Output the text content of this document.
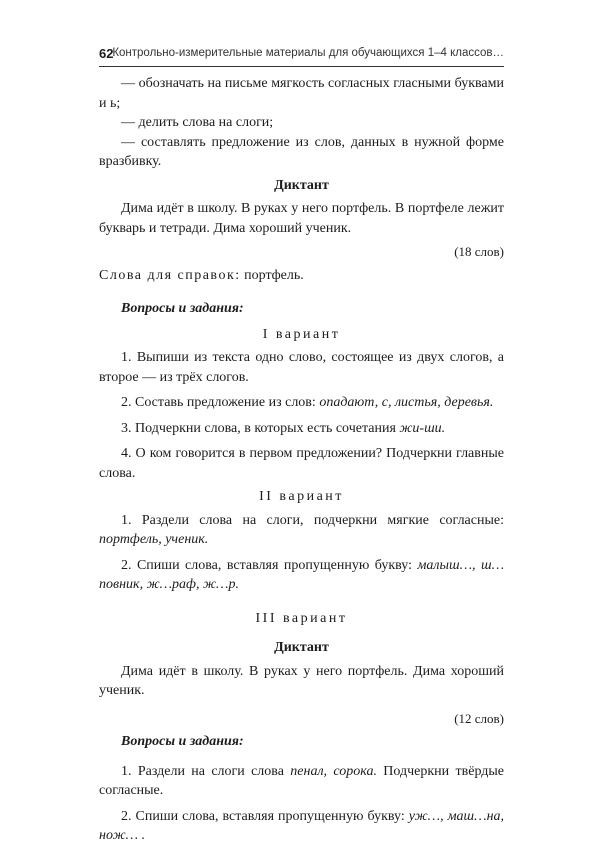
62
Контрольно-измерительные материалы для обучающихся 1–4 классов…

— обозначать на письме мягкость согласных гласными буквами и ь;

— делить слова на слоги;

— составлять предложение из слов, данных в нужной форме вразбивку.

Диктант

Дима идёт в школу. В руках у него портфель. В портфеле лежит букварь и тетради. Дима хороший ученик.

(18 слов)

Слова для справок: портфель.

Вопросы и задания:

I вариант

1. Выпиши из текста одно слово, состоящее из двух слогов, а второе — из трёх слогов.

2. Составь предложение из слов: опадают, с, листья, деревья.

3. Подчеркни слова, в которых есть сочетания жи-ши.

4. О ком говорится в первом предложении? Подчеркни главные слова.

II вариант

1. Раздели слова на слоги, подчеркни мягкие согласные: портфель, ученик.

2. Спиши слова, вставляя пропущенную букву: малыш…, ш…повник, ж…раф, ж…р.

III вариант

Диктант

Дима идёт в школу. В руках у него портфель. Дима хороший ученик.

(12 слов)

Вопросы и задания:

1. Раздели на слоги слова пенал, сорока. Подчеркни твёрдые согласные.

2. Спиши слова, вставляя пропущенную букву: уж…, маш…на, нож… .
